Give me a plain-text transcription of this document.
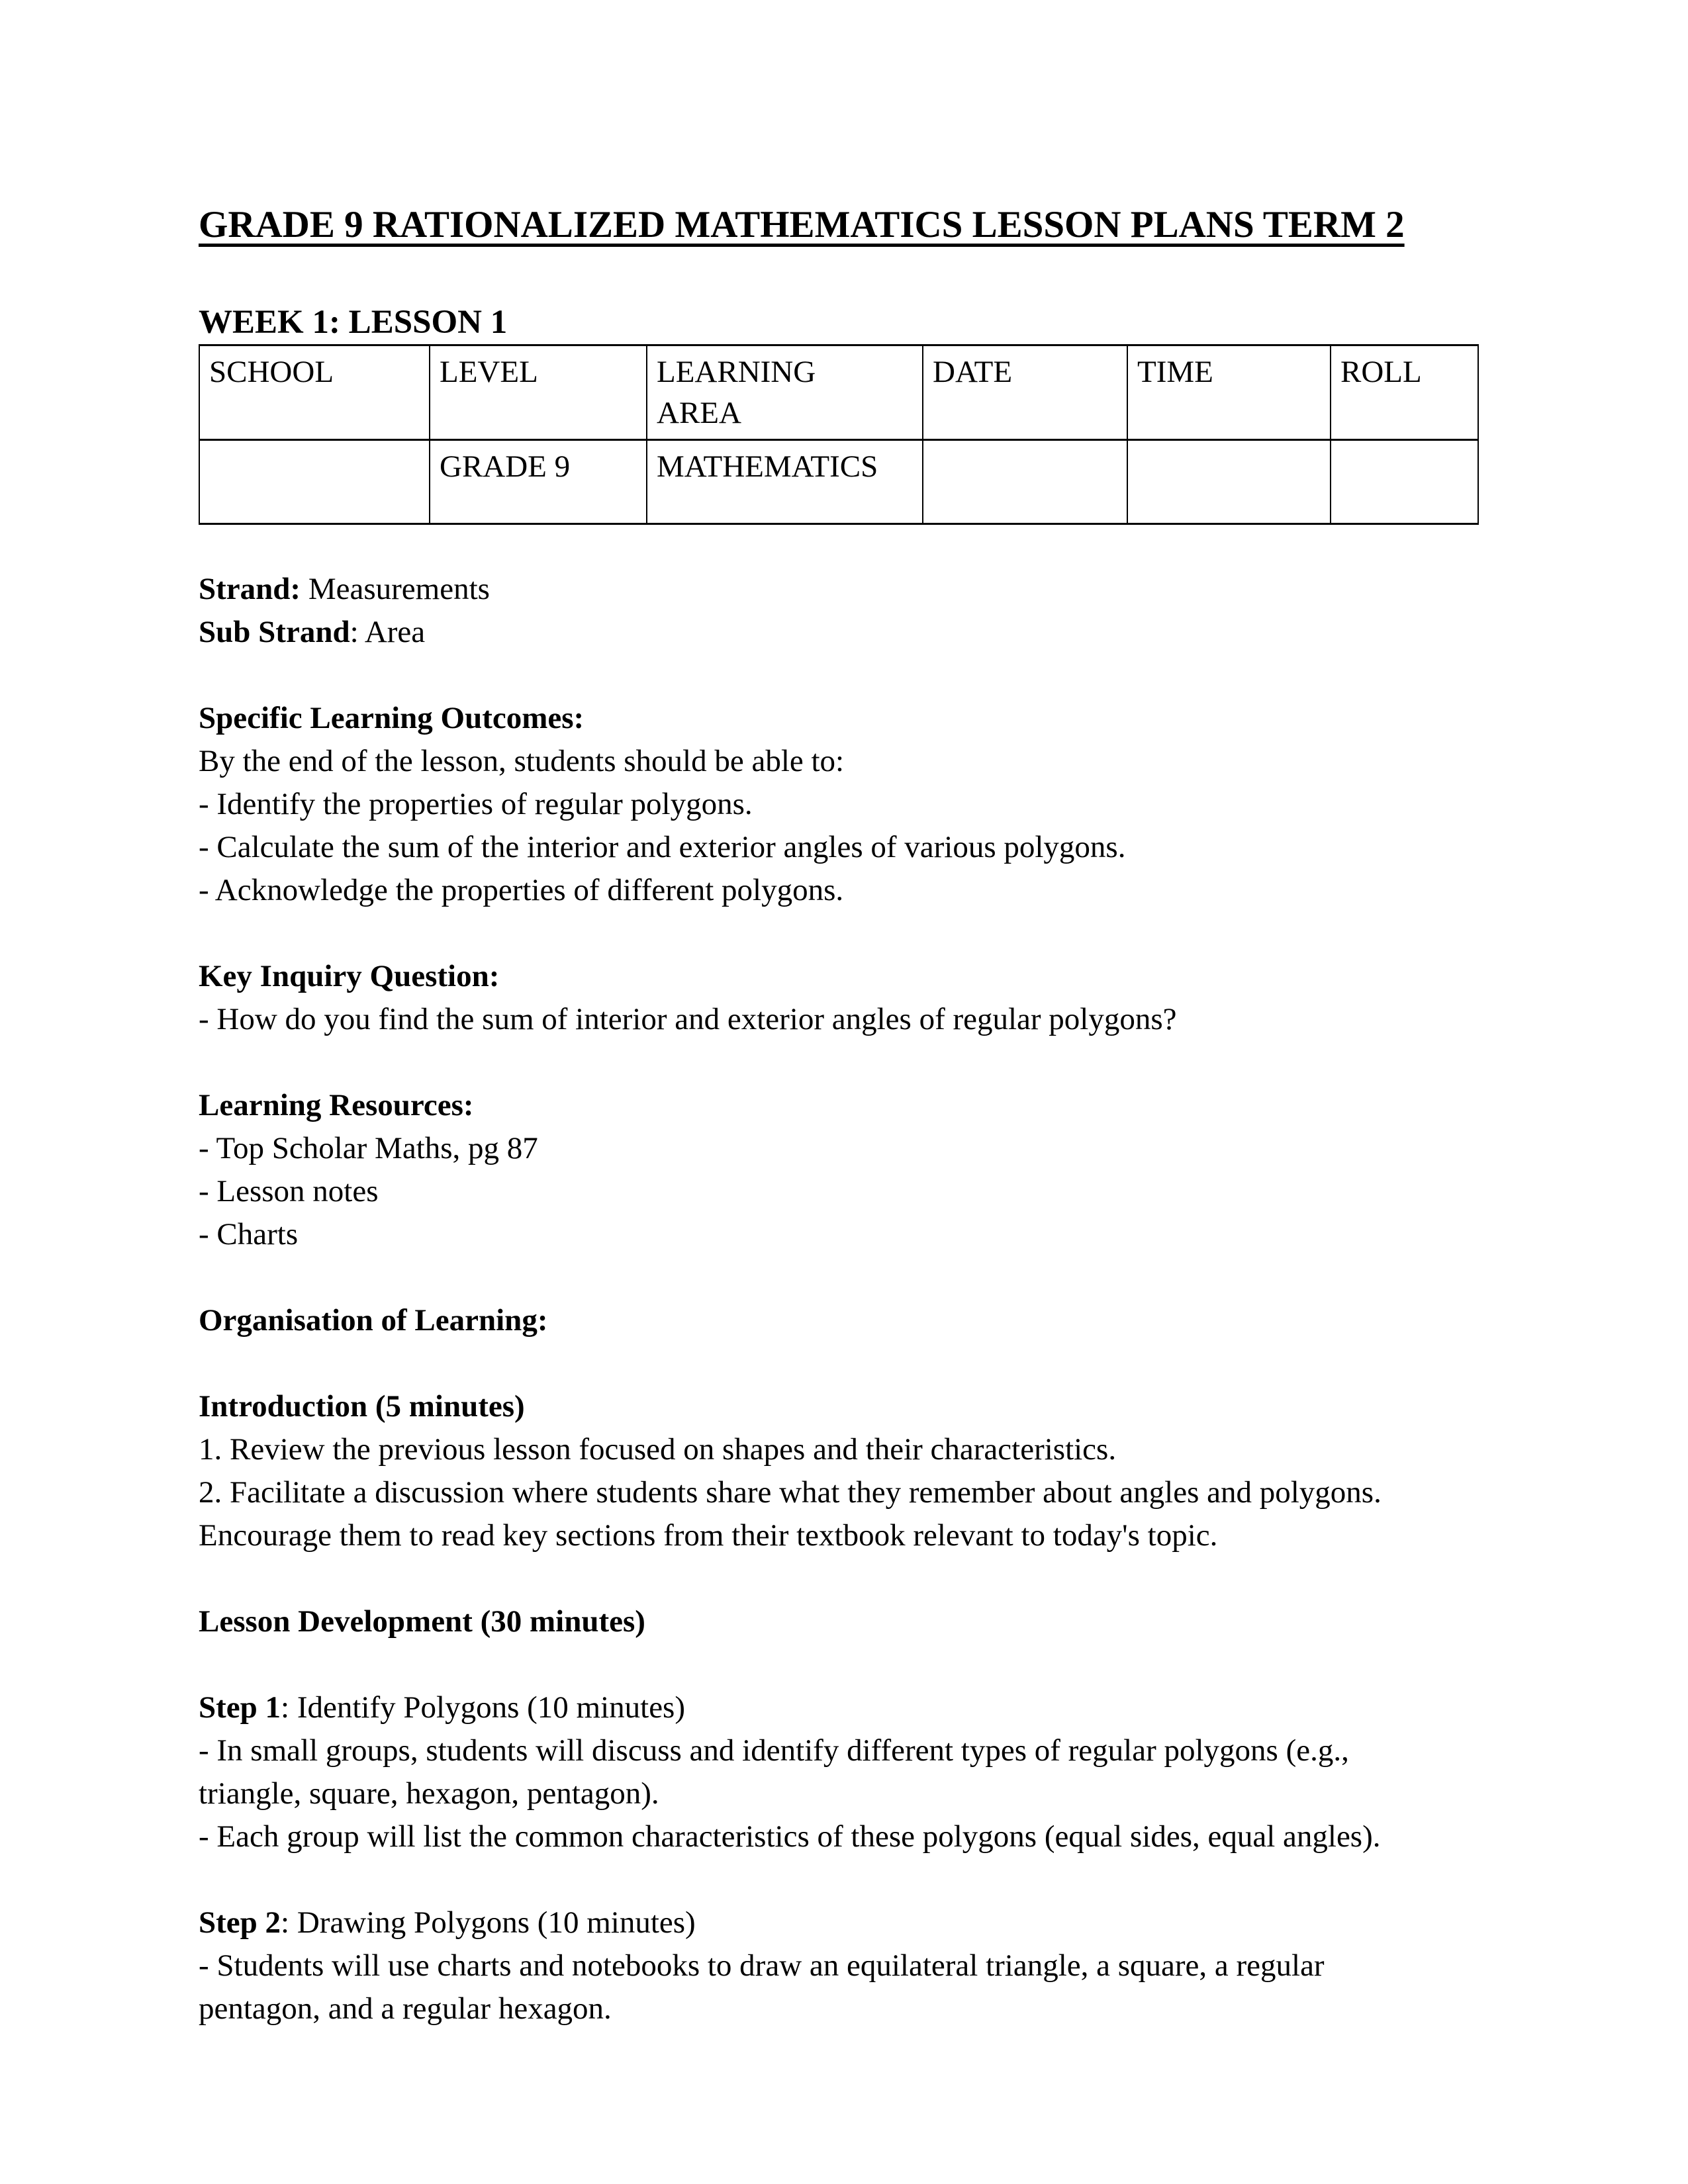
GRADE 9 RATIONALIZED MATHEMATICS LESSON PLANS TERM 2
WEEK 1: LESSON 1
SCHOOL	LEVEL	LEARNING AREA	DATE	TIME	ROLL

	GRADE 9	MATHEMATICS			

Strand: Measurements
Sub Strand: Area
Specific Learning Outcomes:
By the end of the lesson, students should be able to:
- Identify the properties of regular polygons.
- Calculate the sum of the interior and exterior angles of various polygons.
- Acknowledge the properties of different polygons.
Key Inquiry Question:
- How do you find the sum of interior and exterior angles of regular polygons?
Learning Resources:
- Top Scholar Maths, pg 87
- Lesson notes
- Charts
Organisation of Learning:
Introduction (5 minutes)
1. Review the previous lesson focused on shapes and their characteristics.
2. Facilitate a discussion where students share what they remember about angles and polygons.
Encourage them to read key sections from their textbook relevant to today's topic.
Lesson Development (30 minutes)
Step 1: Identify Polygons (10 minutes)
- In small groups, students will discuss and identify different types of regular polygons (e.g.,
triangle, square, hexagon, pentagon).
- Each group will list the common characteristics of these polygons (equal sides, equal angles).
Step 2: Drawing Polygons (10 minutes)
- Students will use charts and notebooks to draw an equilateral triangle, a square, a regular
pentagon, and a regular hexagon.
